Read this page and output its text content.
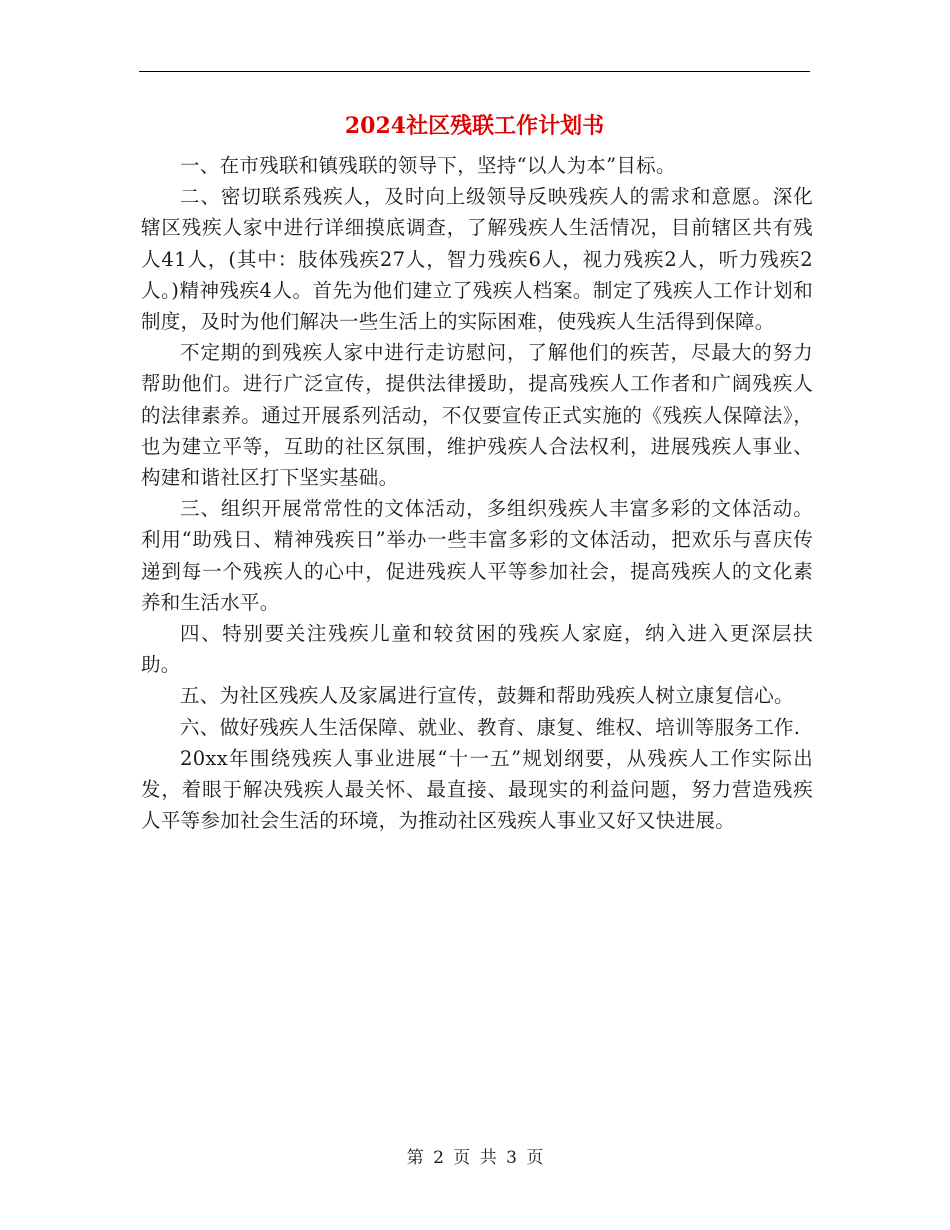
2024社区残联工作计划书

一、在市残联和镇残联的领导下，坚持“以人为本”目标。

二、密切联系残疾人，及时向上级领导反映残疾人的需求和意愿。深化辖区残疾人家中进行详细摸底调查，了解残疾人生活情况，目前辖区共有残人41人，(其中：肢体残疾27人，智力残疾6人，视力残疾2人，听力残疾2人。)精神残疾4人。首先为他们建立了残疾人档案。制定了残疾人工作计划和制度，及时为他们解决一些生活上的实际困难，使残疾人生活得到保障。

不定期的到残疾人家中进行走访慰问，了解他们的疾苦，尽最大的努力帮助他们。进行广泛宣传，提供法律援助，提高残疾人工作者和广阔残疾人的法律素养。通过开展系列活动，不仅要宣传正式实施的《残疾人保障法》，也为建立平等，互助的社区氛围，维护残疾人合法权利，进展残疾人事业、构建和谐社区打下坚实基础。

三、组织开展常常性的文体活动，多组织残疾人丰富多彩的文体活动。利用“助残日、精神残疾日”举办一些丰富多彩的文体活动，把欢乐与喜庆传递到每一个残疾人的心中，促进残疾人平等参加社会，提高残疾人的文化素养和生活水平。

四、特别要关注残疾儿童和较贫困的残疾人家庭，纳入进入更深层扶助。

五、为社区残疾人及家属进行宣传，鼓舞和帮助残疾人树立康复信心。

六、做好残疾人生活保障、就业、教育、康复、维权、培训等服务工作.

20xx年围绕残疾人事业进展“十一五”规划纲要，从残疾人工作实际出发，着眼于解决残疾人最关怀、最直接、最现实的利益问题，努力营造残疾人平等参加社会生活的环境，为推动社区残疾人事业又好又快进展。

第 2 页 共 3 页
